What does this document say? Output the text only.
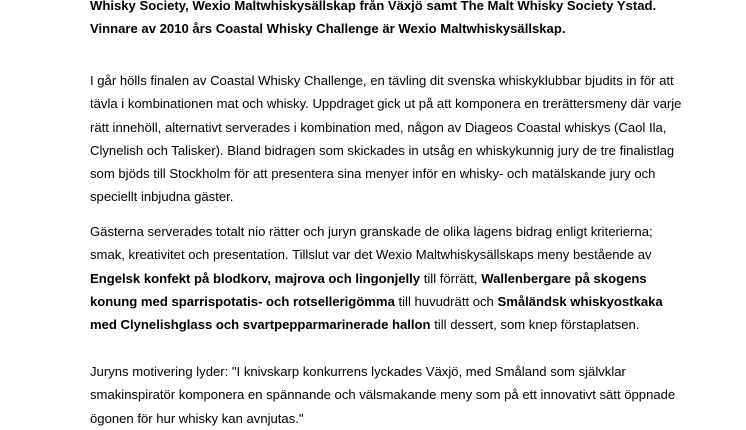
Whisky Society, Wexio Maltwhiskysällskap från Växjö samt The Malt Whisky Society Ystad.
Vinnare av 2010 års Coastal Whisky Challenge är Wexio Maltwhiskysällskap.
I går hölls finalen av Coastal Whisky Challenge, en tävling dit svenska whiskyklubbar bjudits in för att
tävla i kombinationen mat och whisky. Uppdraget gick ut på att komponera en trerättersmeny där varje
rätt innehöll, alternativt serverades i kombination med, någon av Diageos Coastal whiskys (Caol Ila,
Clynelish och Talisker). Bland bidragen som skickades in utsåg en whiskykunnig jury de tre finalistlag
som bjöds till Stockholm för att presentera sina menyer inför en whisky- och matälskande jury och
speciellt inbjudna gäster.
Gästerna serverades totalt nio rätter och juryn granskade de olika lagens bidrag enligt kriterierna;
smak, kreativitet och presentation. Tillslut var det Wexio Maltwhiskysällskaps meny bestående av
Engelsk konfekt på blodkorv, majrova och lingonjelly till förrätt, Wallenbergare på skogens
konung med sparrispotatis- och rotsellerigömma till huvudrätt och Småländsk whiskyostkaka
med Clynelishglass och svartpepparmarinerade hallon till dessert, som knep förstaplatsen.
Juryns motivering lyder: "I knivskarp konkurrens lyckades Växjö, med Småland som självklar
smakinspiratör komponera en spännande och välsmakande meny som på ett innovativt sätt öppnade
ögonen för hur whisky kan avnjutas."
